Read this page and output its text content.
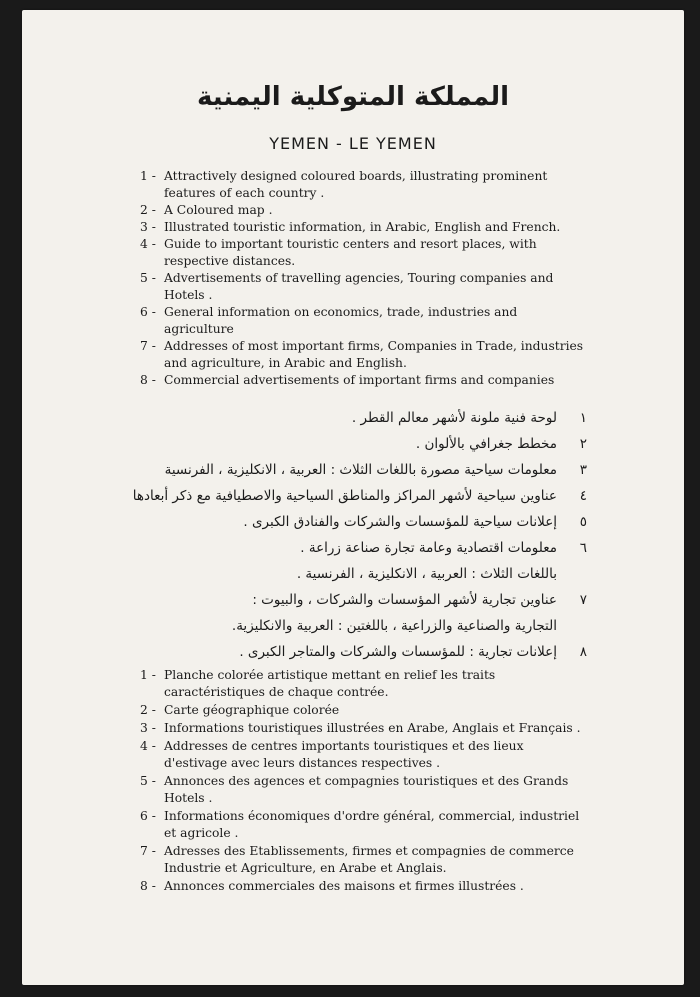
المملكة المتوكلية اليمنية
YEMEN - LE YEMEN
1 - Attractively designed coloured boards, illustrating prominent features of each country .
2 - A Coloured map .
3 - Illustrated touristic information, in Arabic, English and French.
4 - Guide to important touristic centers and resort places, with respective distances.
5 - Advertisements of travelling agencies, Touring companies and Hotels .
6 - General information on economics, trade, industries and agriculture
7 - Addresses of most important firms, Companies in Trade, industries and agriculture, in Arabic and English.
8 - Commercial advertisements of important firms and companies
١
لوحة فنية ملونة لأشهر معالم القطر .
٢
مخطط جغرافي بالألوان .
٣
معلومات سياحية مصورة باللغات الثلاث : العربية ، الانكليزية ، الفرنسية
٤
عناوين سياحية لأشهر المراكز والمناطق السياحية والاصطيافية مع ذكر أبعادها
٥
إعلانات سياحية للمؤسسات والشركات والفنادق الكبرى .
٦
معلومات اقتصادية وعامة تجارة صناعة زراعة .
باللغات الثلاث : العربية ، الانكليزية ، الفرنسية .
٧
عناوين تجارية لأشهر المؤسسات والشركات ، والبيوت :
التجارية والصناعية والزراعية ، باللغتين : العربية والانكليزية.
٨
إعلانات تجارية : للمؤسسات والشركات والمتاجر الكبرى .
1 - Planche colorée artistique mettant en relief les traits caractéristiques de chaque contrée.
2 - Carte géographique colorée
3 - Informations touristiques illustrées en Arabe, Anglais et Français .
4 - Addresses de centres importants touristiques et des lieux d'estivage avec leurs distances respectives .
5 - Annonces des agences et compagnies touristiques et des Grands Hotels .
6 - Informations économiques d'ordre général, commercial, industriel et agricole .
7 - Adresses des Etablissements, firmes et compagnies de commerce Industrie et Agriculture, en Arabe et Anglais.
8 - Annonces commerciales des maisons et firmes illustrées .
